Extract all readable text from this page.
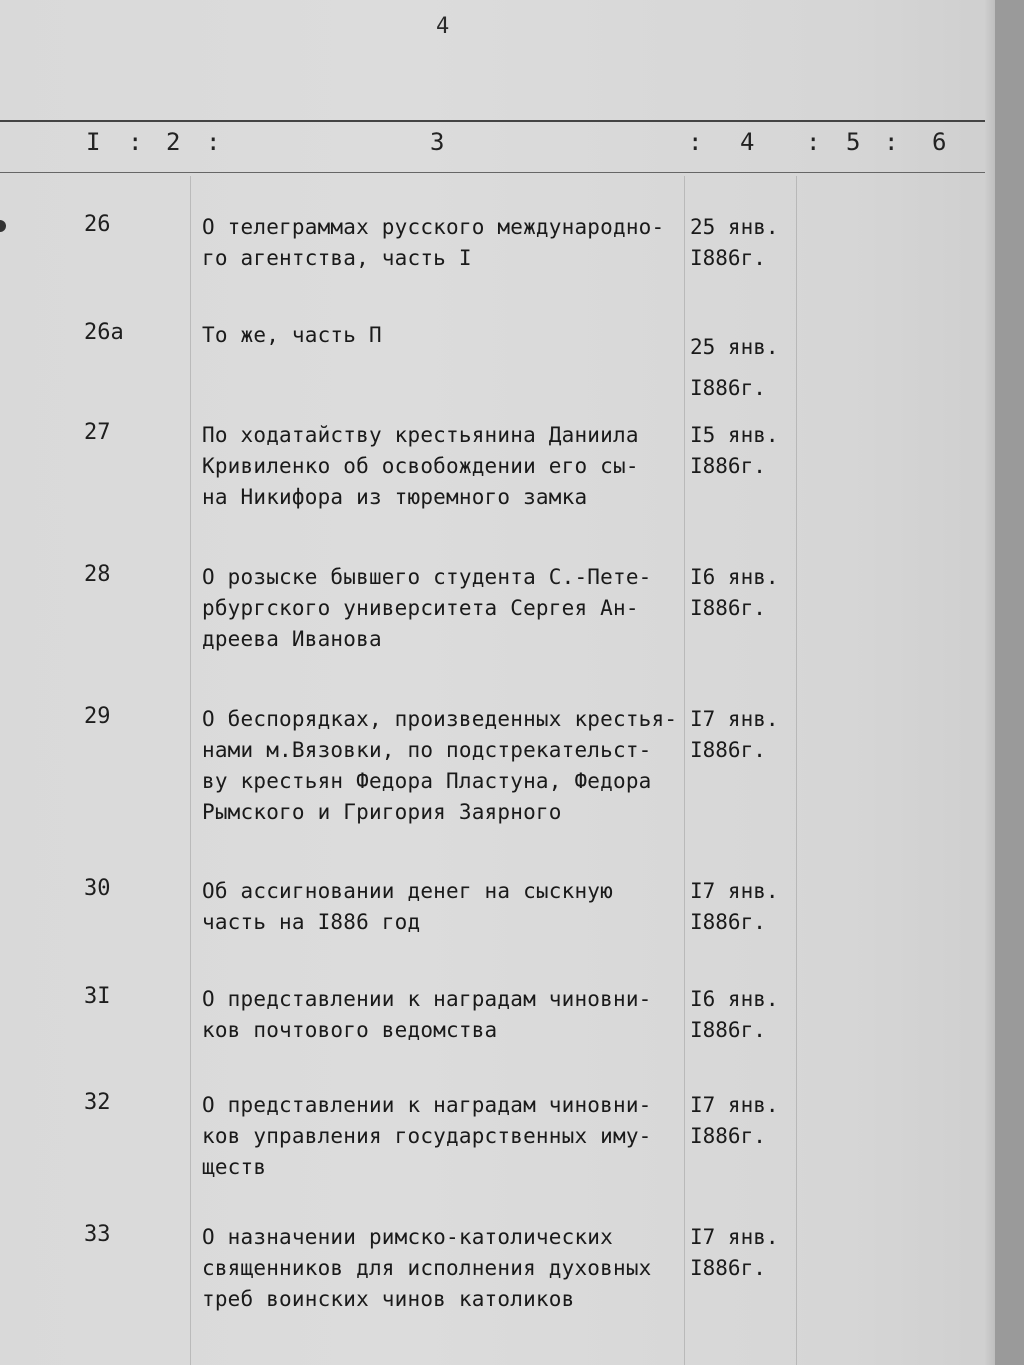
4
I : 2 :	3	: 4 : 5 : 6
26	О телеграммах русского международно-
го агентства, часть I
25 янв.
I886г.
26а	То же, часть П	25 янв.
I886г.
27	По ходатайству крестьянина Даниила
Кривиленко об освобождении его сы-
на Никифора из тюремного замка
I5 янв.
I886г.
28	О розыске бывшего студента С.-Пете-
рбургского университета Сергея Ан-
дреева Иванова
I6 янв.
I886г.
29	О беспорядках, произведенных крестья-
нами м.Вязовки, по подстрекательст-
ву крестьян Федора Пластуна, Федора
Рымского и Григория Заярного
I7 янв.
I886г.
30	Об ассигновании денег на сыскную
часть на I886 год
I7 янв.
I886г.
3I	О представлении к наградам чиновни-
ков почтового ведомства
I6 янв.
I886г.
32	О представлении к наградам чиновни-
ков управления государственных иму-
ществ
I7 янв.
I886г.
33	О назначении римско-католических
священников для исполнения духовных
треб воинских чинов католиков
I7 янв.
I886г.
